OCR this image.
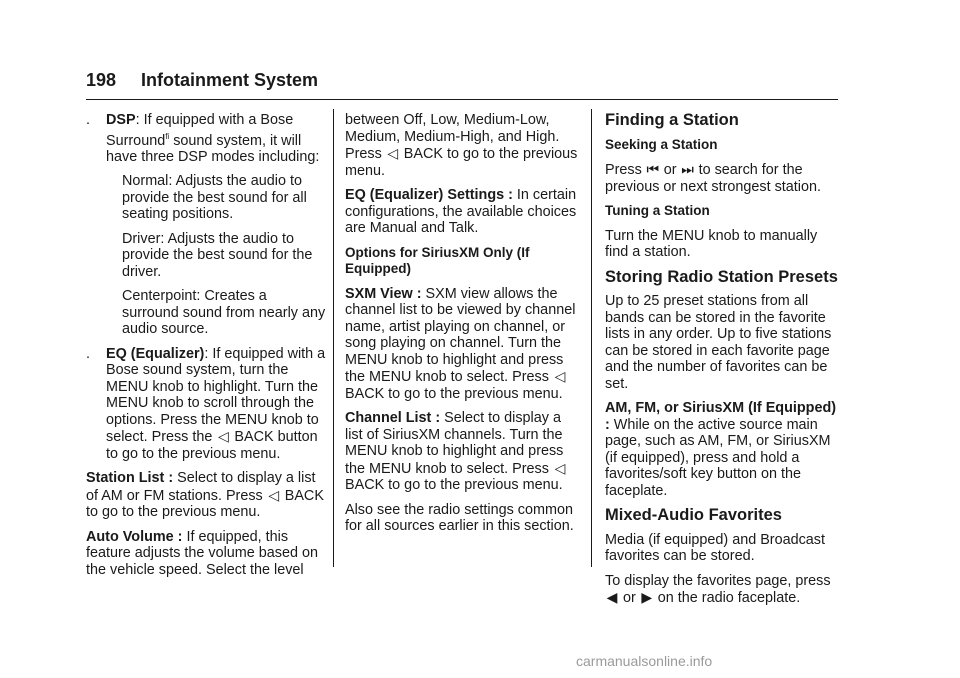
198 Infotainment System

. DSP: If equipped with a Bose Surround$^{fi}$ sound system, it will have three DSP modes including:

Normal: Adjusts the audio to provide the best sound for all seating positions.

Driver: Adjusts the audio to provide the best sound for the driver.

Centerpoint: Creates a surround sound from nearly any audio source.

. EQ (Equalizer): If equipped with a Bose sound system, turn the MENU knob to highlight. Turn the MENU knob to scroll through the options. Press the MENU knob to select. Press the ◁ BACK button to go to the previous menu.

Station List : Select to display a list of AM or FM stations. Press ◁ BACK to go to the previous menu.

Auto Volume : If equipped, this feature adjusts the volume based on the vehicle speed. Select the level

between Off, Low, Medium-Low, Medium, Medium-High, and High. Press ◁ BACK to go to the previous menu.

EQ (Equalizer) Settings : In certain configurations, the available choices are Manual and Talk.

Options for SiriusXM Only (If Equipped)

SXM View : SXM view allows the channel list to be viewed by channel name, artist playing on channel, or song playing on channel. Turn the MENU knob to highlight and press the MENU knob to select. Press ◁ BACK to go to the previous menu.

Channel List : Select to display a list of SiriusXM channels. Turn the MENU knob to highlight and press the MENU knob to select. Press ◁ BACK to go to the previous menu.

Also see the radio settings common for all sources earlier in this section.

Finding a Station

Seeking a Station

Press ⏮ or ⏭ to search for the previous or next strongest station.

Tuning a Station

Turn the MENU knob to manually find a station.

Storing Radio Station Presets

Up to 25 preset stations from all bands can be stored in the favorite lists in any order. Up to five stations can be stored in each favorite page and the number of favorites can be set.

AM, FM, or SiriusXM (If Equipped) : While on the active source main page, such as AM, FM, or SiriusXM (if equipped), press and hold a favorites/soft key button on the faceplate.

Mixed-Audio Favorites

Media (if equipped) and Broadcast favorites can be stored.

To display the favorites page, press ◀ or ▶ on the radio faceplate.

carmanualsonline.info
